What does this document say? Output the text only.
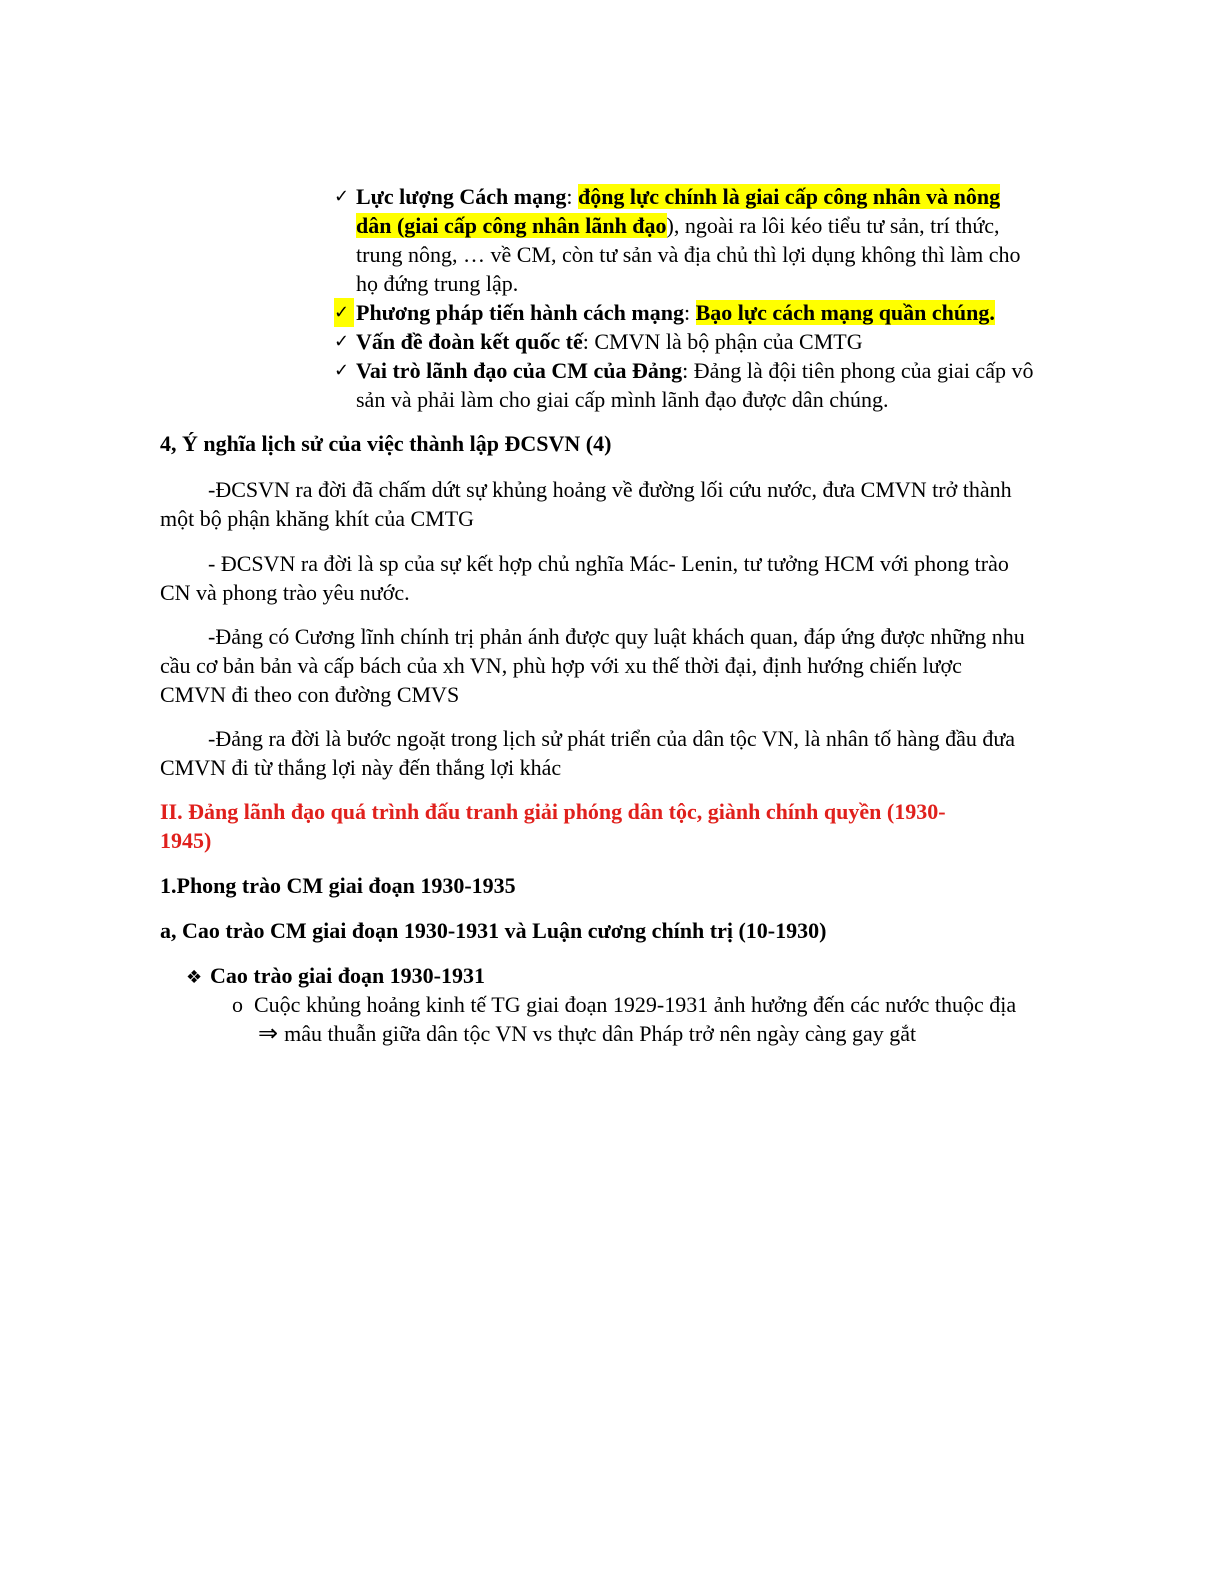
✓ Lực lượng Cách mạng: động lực chính là giai cấp công nhân và nông dân (giai cấp công nhân lãnh đạo), ngoài ra lôi kéo tiểu tư sản, trí thức, trung nông, … về CM, còn tư sản và địa chủ thì lợi dụng không thì làm cho họ đứng trung lập.
✓ Phương pháp tiến hành cách mạng: Bạo lực cách mạng quần chúng.
✓ Vấn đề đoàn kết quốc tế: CMVN là bộ phận của CMTG
✓ Vai trò lãnh đạo của CM của Đảng: Đảng là đội tiên phong của giai cấp vô sản và phải làm cho giai cấp mình lãnh đạo được dân chúng.
4, Ý nghĩa lịch sử của việc thành lập ĐCSVN (4)
-ĐCSVN ra đời đã chấm dứt sự khủng hoảng về đường lối cứu nước, đưa CMVN trở thành một bộ phận khăng khít của CMTG
- ĐCSVN ra đời là sp của sự kết hợp chủ nghĩa Mác- Lenin, tư tưởng HCM với phong trào CN và phong trào yêu nước.
-Đảng có Cương lĩnh chính trị phản ánh được quy luật khách quan, đáp ứng được những nhu cầu cơ bản bản và cấp bách của xh VN, phù hợp với xu thế thời đại, định hướng chiến lược CMVN đi theo con đường CMVS
-Đảng ra đời là bước ngoặt trong lịch sử phát triển của dân tộc VN, là nhân tố hàng đầu đưa CMVN đi từ thắng lợi này đến thắng lợi khác
II. Đảng lãnh đạo quá trình đấu tranh giải phóng dân tộc, giành chính quyền (1930-1945)
1.Phong trào CM giai đoạn 1930-1935
a, Cao trào CM giai đoạn 1930-1931 và Luận cương chính trị (10-1930)
❖ Cao trào giai đoạn 1930-1931
o Cuộc khủng hoảng kinh tế TG giai đoạn 1929-1931 ảnh hưởng đến các nước thuộc địa ⇒ mâu thuẫn giữa dân tộc VN vs thực dân Pháp trở nên ngày càng gay gắt
